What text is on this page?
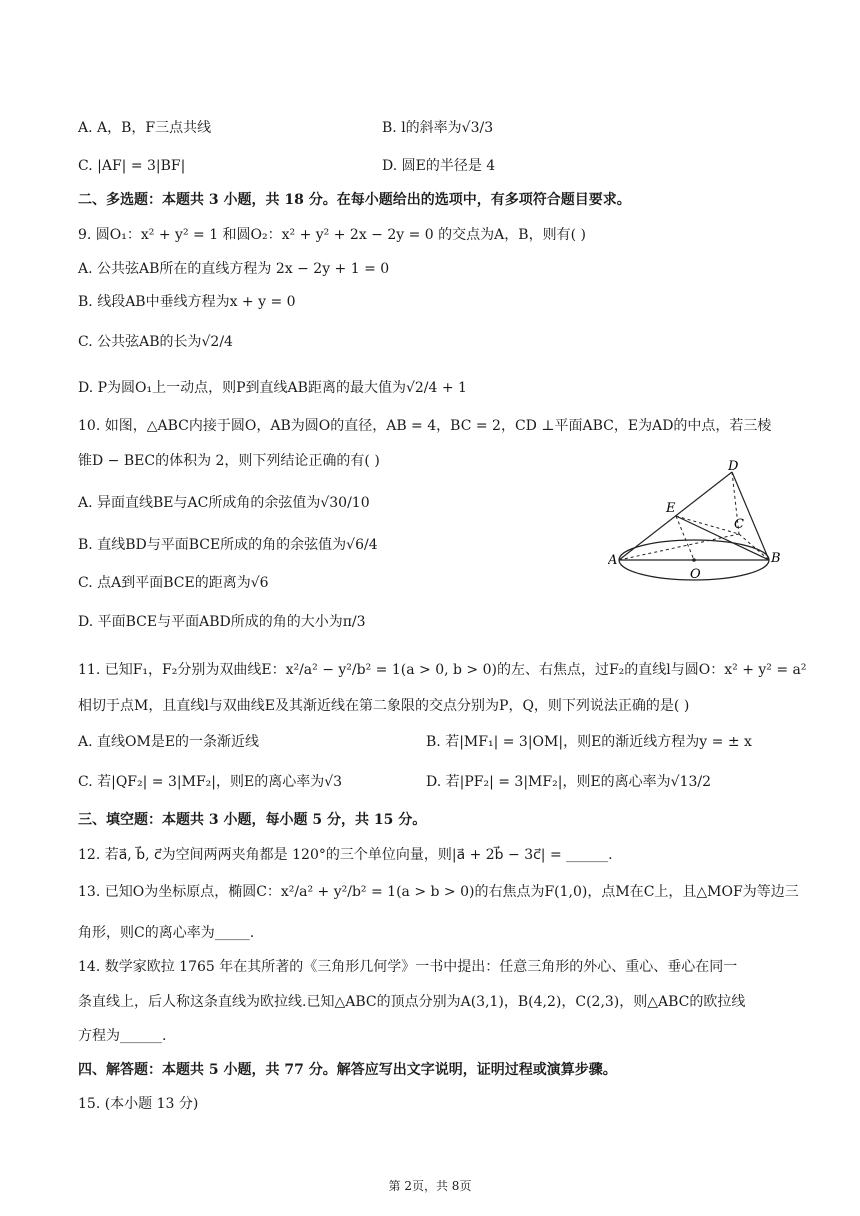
A. A，B，F三点共线	B. l的斜率为√3/3
C. |AF| = 3|BF|	D. 圆E的半径是 4
二、多选题：本题共 3 小题，共 18 分。在每小题给出的选项中，有多项符合题目要求。
9. 圆O₁：x² + y² = 1 和圆O₂：x² + y² + 2x − 2y = 0 的交点为A，B，则有( )
A. 公共弦AB所在的直线方程为 2x − 2y + 1 = 0
B. 线段AB中垂线方程为x + y = 0
C. 公共弦AB的长为√2/4
D. P为圆O₁上一动点，则P到直线AB距离的最大值为√2/4 + 1
10. 如图，△ABC内接于圆O，AB为圆O的直径，AB = 4，BC = 2，CD ⊥平面ABC，E为AD的中点，若三棱
锥D − BEC的体积为 2，则下列结论正确的有( )
A. 异面直线BE与AC所成角的余弦值为√30/10
B. 直线BD与平面BCE所成的角的余弦值为√6/4
C. 点A到平面BCE的距离为√6
D. 平面BCE与平面ABD所成的角的大小为π/3
D
E
C
A	B
O
11. 已知F₁，F₂分别为双曲线E：x²/a² − y²/b² = 1(a > 0, b > 0)的左、右焦点，过F₂的直线l与圆O：x² + y² = a²
相切于点M，且直线l与双曲线E及其渐近线在第二象限的交点分别为P，Q，则下列说法正确的是( )
A. 直线OM是E的一条渐近线	B. 若|MF₁| = 3|OM|，则E的渐近线方程为y = ± x
C. 若|QF₂| = 3|MF₂|，则E的离心率为√3	D. 若|PF₂| = 3|MF₂|，则E的离心率为√13/2
三、填空题：本题共 3 小题，每小题 5 分，共 15 分。
12. 若a⃗, b⃗, c⃗为空间两两夹角都是 120°的三个单位向量，则|a⃗ + 2b⃗ − 3c⃗| = ______.
13. 已知O为坐标原点，椭圆C：x²/a² + y²/b² = 1(a > b > 0)的右焦点为F(1,0)，点M在C上，且△MOF为等边三
角形，则C的离心率为_____.
14. 数学家欧拉 1765 年在其所著的《三角形几何学》一书中提出：任意三角形的外心、重心、垂心在同一
条直线上，后人称这条直线为欧拉线.已知△ABC的顶点分别为A(3,1)，B(4,2)，C(2,3)，则△ABC的欧拉线
方程为______.
四、解答题：本题共 5 小题，共 77 分。解答应写出文字说明，证明过程或演算步骤。
15. (本小题 13 分)
第 2页，共 8页
